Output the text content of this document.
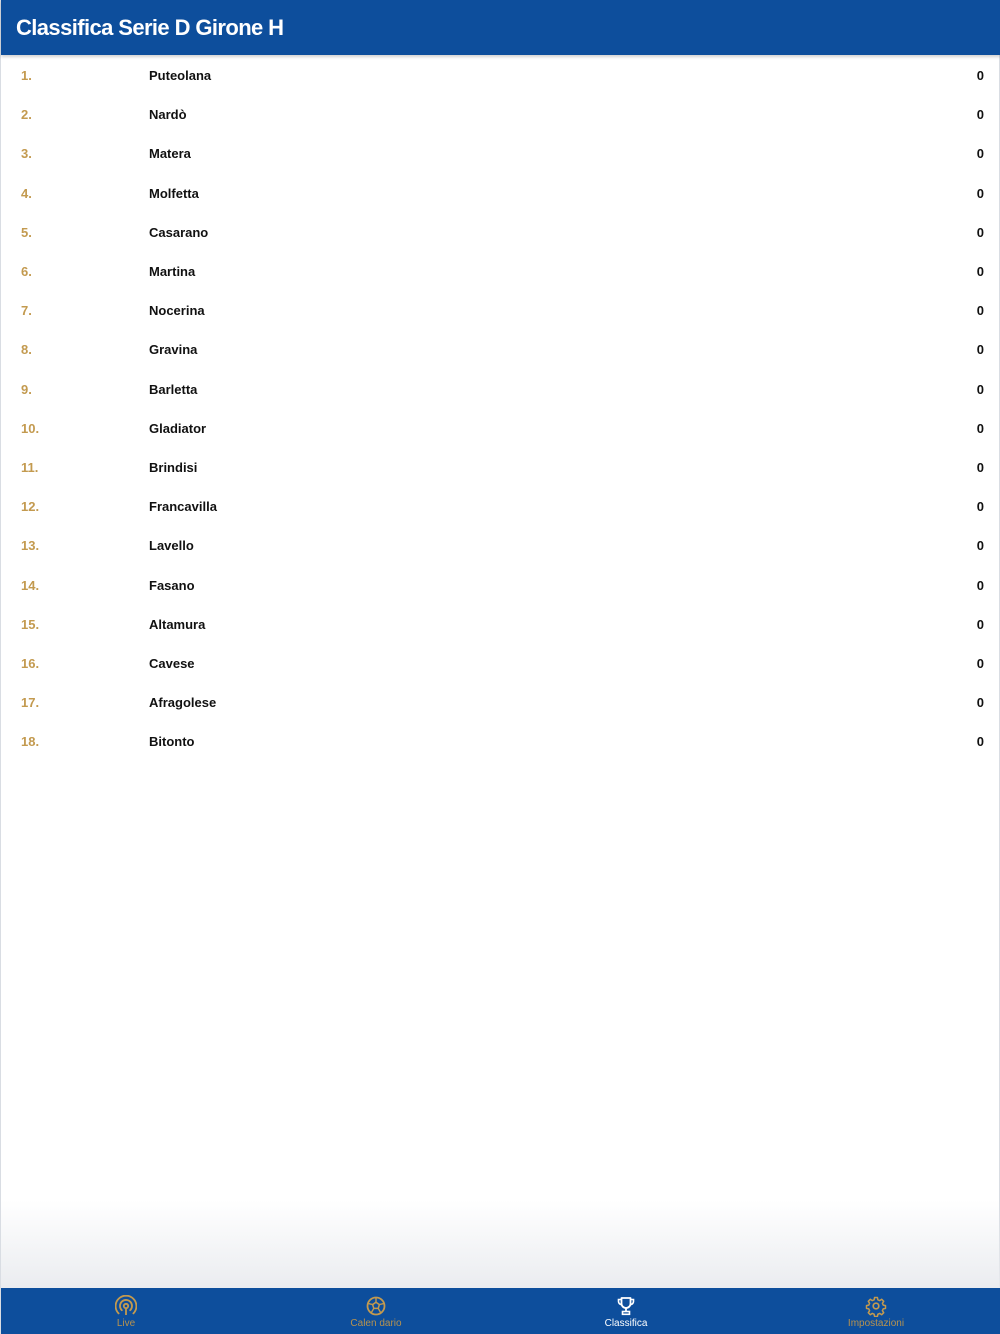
Classifica Serie D Girone H
1.	Puteolana	0
2.	Nardò	0
3.	Matera	0
4.	Molfetta	0
5.	Casarano	0
6.	Martina	0
7.	Nocerina	0
8.	Gravina	0
9.	Barletta	0
10.	Gladiator	0
11.	Brindisi	0
12.	Francavilla	0
13.	Lavello	0
14.	Fasano	0
15.	Altamura	0
16.	Cavese	0
17.	Afragolese	0
18.	Bitonto	0
Live	Calen dario	Classifica	Impostazioni
